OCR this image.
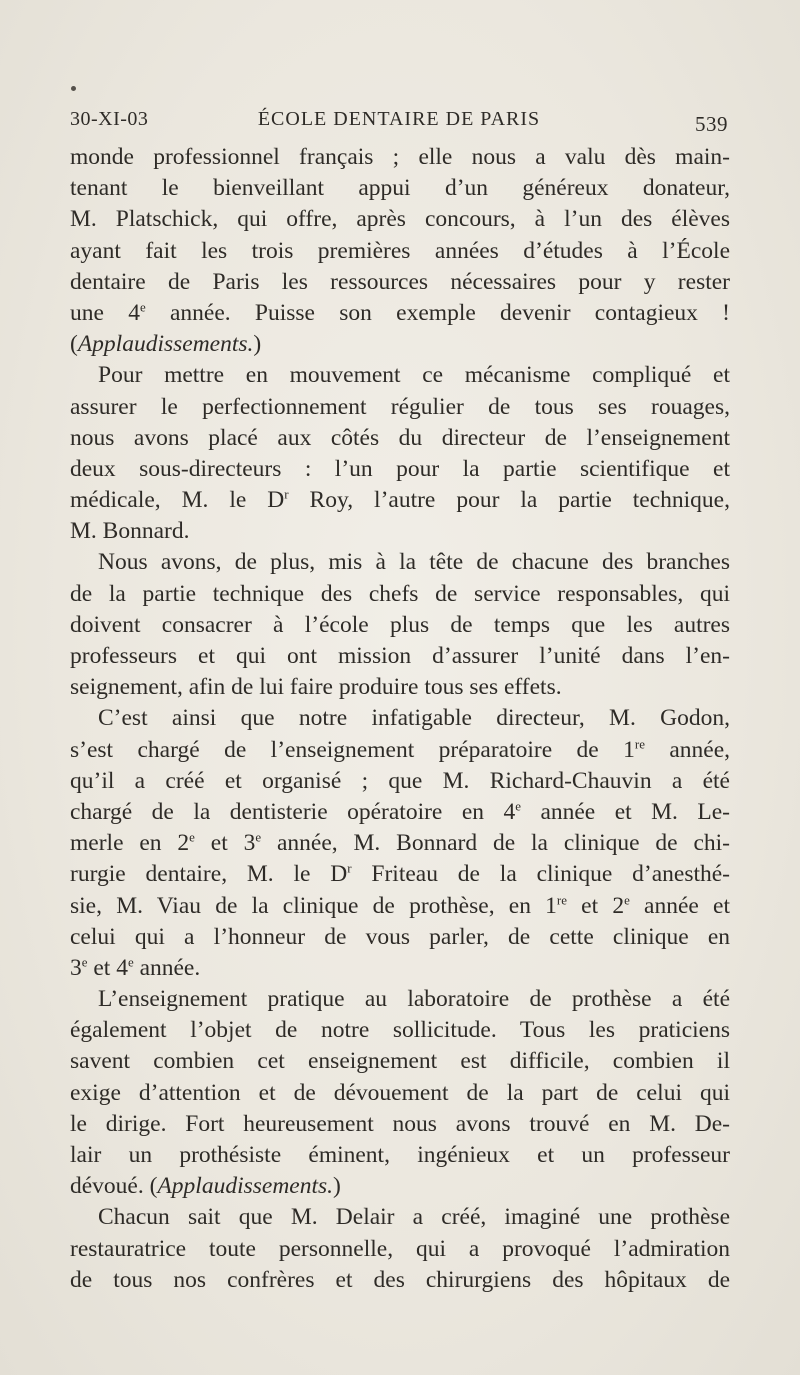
30-XI-03	ÉCOLE DENTAIRE DE PARIS	539
monde professionnel français ; elle nous a valu dès main-
tenant le bienveillant appui d’un généreux donateur,
M. Platschick, qui offre, après concours, à l’un des élèves
ayant fait les trois premières années d’études à l’École
dentaire de Paris les ressources nécessaires pour y rester
une 4e année. Puisse son exemple devenir contagieux !
(Applaudissements.)
Pour mettre en mouvement ce mécanisme compliqué et
assurer le perfectionnement régulier de tous ses rouages,
nous avons placé aux côtés du directeur de l’enseignement
deux sous-directeurs : l’un pour la partie scientifique et
médicale, M. le $D^r$ Roy, l’autre pour la partie technique,
M. Bonnard.
Nous avons, de plus, mis à la tête de chacune des branches
de la partie technique des chefs de service responsables, qui
doivent consacrer à l’école plus de temps que les autres
professeurs et qui ont mission d’assurer l’unité dans l’en-
seignement, afin de lui faire produire tous ses effets.
C’est ainsi que notre infatigable directeur, M. Godon,
s’est chargé de l’enseignement préparatoire de 1re année,
qu’il a créé et organisé ; que M. Richard-Chauvin a été
chargé de la dentisterie opératoire en 4e année et M. Le-
merle en 2e et 3e année, M. Bonnard de la clinique de chi-
rurgie dentaire, M. le $D^r$ Friteau de la clinique d’anesthé-
sie, M. Viau de la clinique de prothèse, en 1re et 2e année et
celui qui a l’honneur de vous parler, de cette clinique en
3e et 4e année.
L’enseignement pratique au laboratoire de prothèse a été
également l’objet de notre sollicitude. Tous les praticiens
savent combien cet enseignement est difficile, combien il
exige d’attention et de dévouement de la part de celui qui
le dirige. Fort heureusement nous avons trouvé en M. De-
lair un prothésiste éminent, ingénieux et un professeur
dévoué. (Applaudissements.)
Chacun sait que M. Delair a créé, imaginé une prothèse
restauratrice toute personnelle, qui a provoqué l’admiration
de tous nos confrères et des chirurgiens des hôpitaux de
